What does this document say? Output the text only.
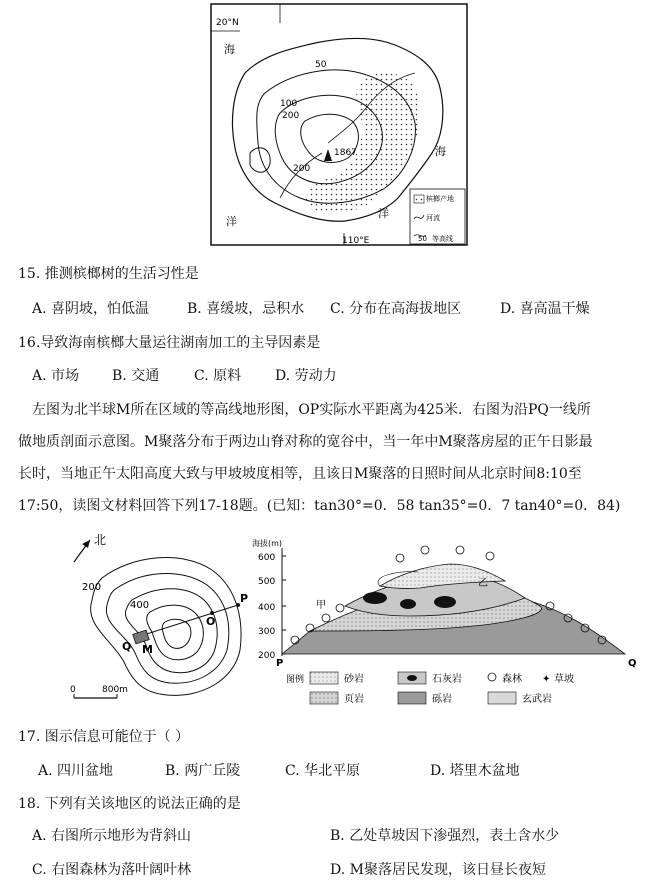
20°N
海
海
洋
洋
50
100
200
200
1867
110°E
槟榔产地
河流
50 等高线
15. 推测槟榔树的生活习性是
A. 喜阴坡，怕低温	B. 喜缓坡，忌积水 C. 分布在高海拔地区	D. 喜高温干燥
16.导致海南槟榔大量运往湖南加工的主导因素是
A. 市场 B. 交通 C. 原料 D. 劳动力
左图为北半球M所在区域的等高线地形图，OP实际水平距离为425米．右图为沿PQ一线所
做地质剖面示意图。M聚落分布于两边山脊对称的宽谷中，当一年中M聚落房屋的正午日影最
长时，当地正午太阳高度大致与甲坡坡度相等，且该日M聚落的日照时间从北京时间8:10至
17:50，读图文材料回答下列17-18题。(已知：tan30°=0．58 tan35°=0．7 tan40°=0．84)
北
200
400
P
O
Q M
0	800m
海拔(m)
600
500
400
300
200
P	Q
甲
乙
图例	砂岩	石灰岩	森林 ✦ 草坡
页岩	砾岩	玄武岩
17. 图示信息可能位于（ ）
A. 四川盆地	B. 两广丘陵	C. 华北平原	D. 塔里木盆地
18. 下列有关该地区的说法正确的是
A. 右图所示地形为背斜山	B. 乙处草坡因下渗强烈，表土含水少
C. 右图森林为落叶阔叶林	D. M聚落居民发现，该日昼长夜短
